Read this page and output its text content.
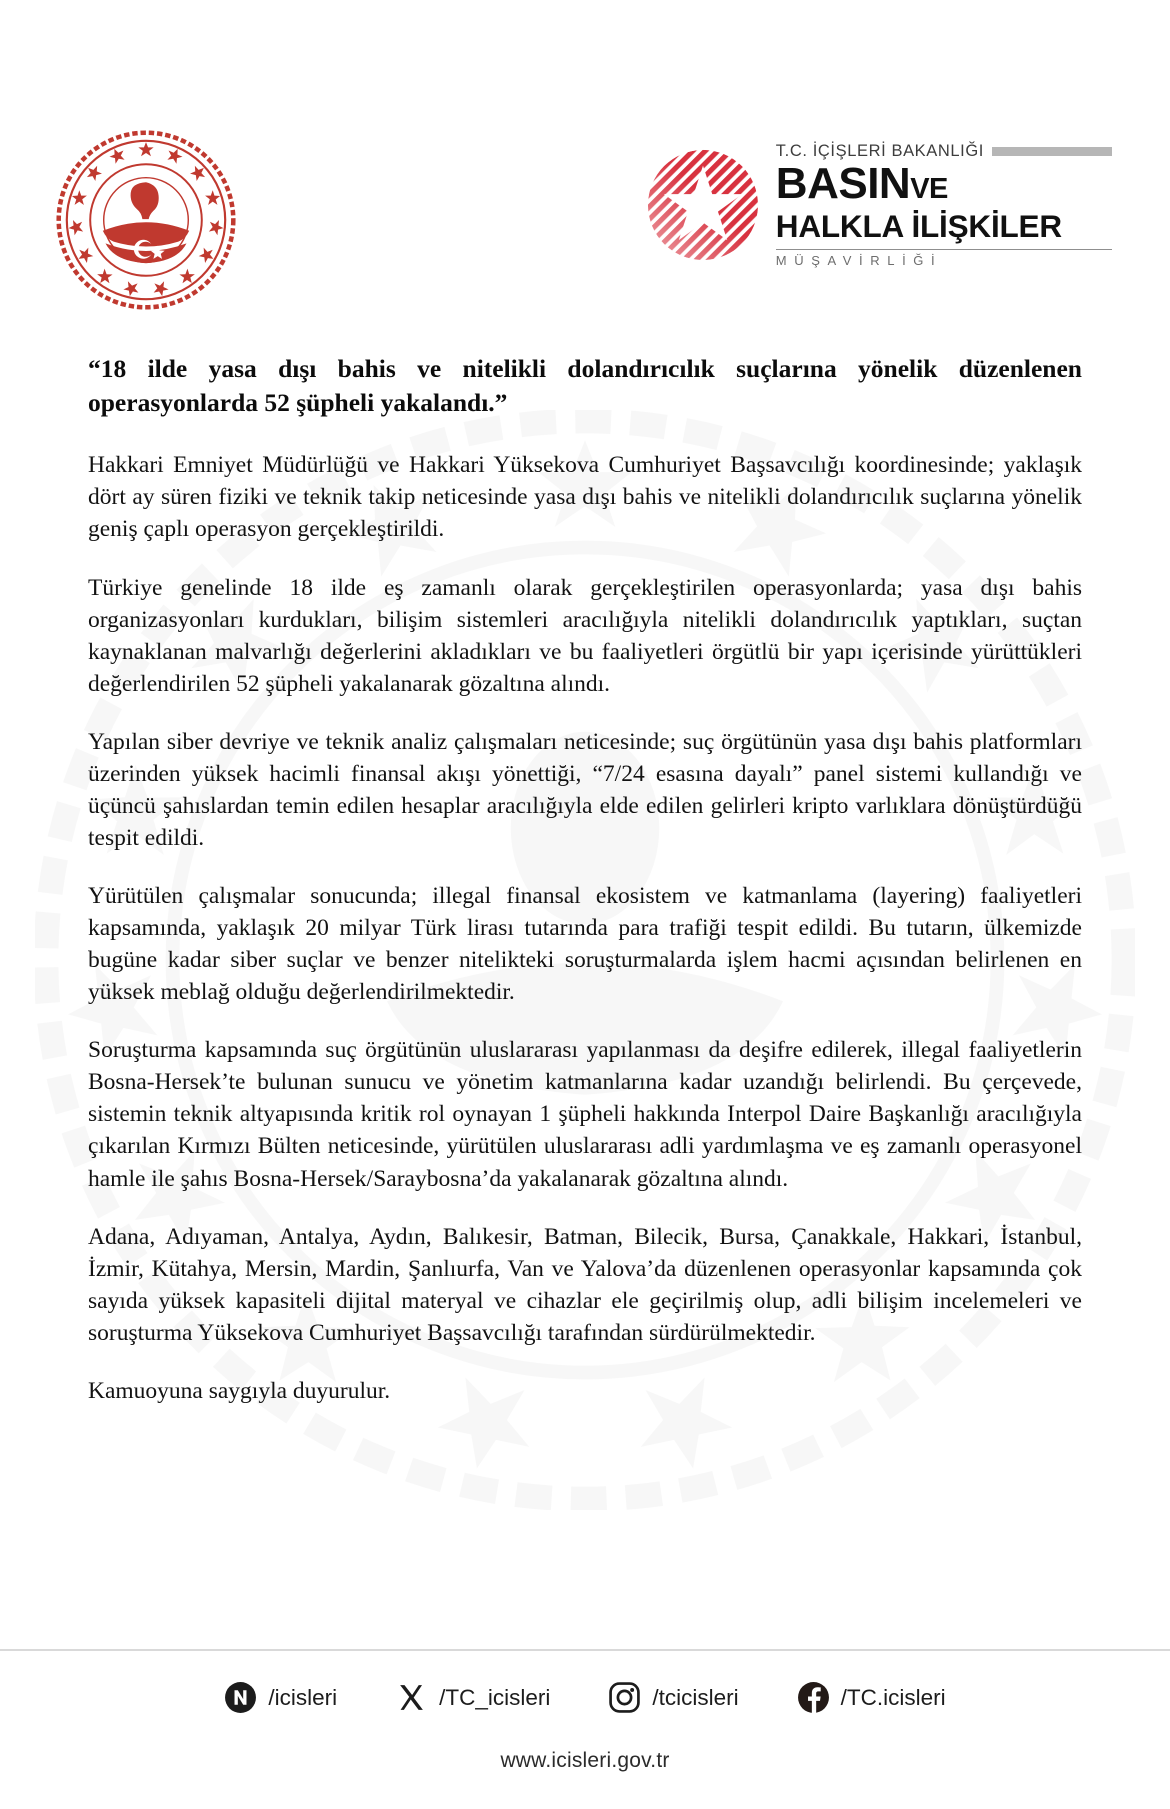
T.C. İÇİŞLERİ BAKANLIĞI
BASINVE
HALKLA İLİŞKİLER
MÜŞAVİRLİĞİ

“18 ilde yasa dışı bahis ve nitelikli dolandırıcılık suçlarına yönelik düzenlenen operasyonlarda 52 şüpheli yakalandı.”

Hakkari Emniyet Müdürlüğü ve Hakkari Yüksekova Cumhuriyet Başsavcılığı koordinesinde; yaklaşık dört ay süren fiziki ve teknik takip neticesinde yasa dışı bahis ve nitelikli dolandırıcılık suçlarına yönelik geniş çaplı operasyon gerçekleştirildi.

Türkiye genelinde 18 ilde eş zamanlı olarak gerçekleştirilen operasyonlarda; yasa dışı bahis organizasyonları kurdukları, bilişim sistemleri aracılığıyla nitelikli dolandırıcılık yaptıkları, suçtan kaynaklanan malvarlığı değerlerini akladıkları ve bu faaliyetleri örgütlü bir yapı içerisinde yürüttükleri değerlendirilen 52 şüpheli yakalanarak gözaltına alındı.

Yapılan siber devriye ve teknik analiz çalışmaları neticesinde; suç örgütünün yasa dışı bahis platformları üzerinden yüksek hacimli finansal akışı yönettiği, “7/24 esasına dayalı” panel sistemi kullandığı ve üçüncü şahıslardan temin edilen hesaplar aracılığıyla elde edilen gelirleri kripto varlıklara dönüştürdüğü tespit edildi.

Yürütülen çalışmalar sonucunda; illegal finansal ekosistem ve katmanlama (layering) faaliyetleri kapsamında, yaklaşık 20 milyar Türk lirası tutarında para trafiği tespit edildi. Bu tutarın, ülkemizde bugüne kadar siber suçlar ve benzer nitelikteki soruşturmalarda işlem hacmi açısından belirlenen en yüksek meblağ olduğu değerlendirilmektedir.

Soruşturma kapsamında suç örgütünün uluslararası yapılanması da deşifre edilerek, illegal faaliyetlerin Bosna-Hersek’te bulunan sunucu ve yönetim katmanlarına kadar uzandığı belirlendi. Bu çerçevede, sistemin teknik altyapısında kritik rol oynayan 1 şüpheli hakkında Interpol Daire Başkanlığı aracılığıyla çıkarılan Kırmızı Bülten neticesinde, yürütülen uluslararası adli yardımlaşma ve eş zamanlı operasyonel hamle ile şahıs Bosna-Hersek/Saraybosna’da yakalanarak gözaltına alındı.

Adana, Adıyaman, Antalya, Aydın, Balıkesir, Batman, Bilecik, Bursa, Çanakkale, Hakkari, İstanbul, İzmir, Kütahya, Mersin, Mardin, Şanlıurfa, Van ve Yalova’da düzenlenen operasyonlar kapsamında çok sayıda yüksek kapasiteli dijital materyal ve cihazlar ele geçirilmiş olup, adli bilişim incelemeleri ve soruşturma Yüksekova Cumhuriyet Başsavcılığı tarafından sürdürülmektedir.

Kamuoyuna saygıyla duyurulur.

/icisleri	/TC_icisleri	/tcicisleri	/TC.icisleri
www.icisleri.gov.tr
